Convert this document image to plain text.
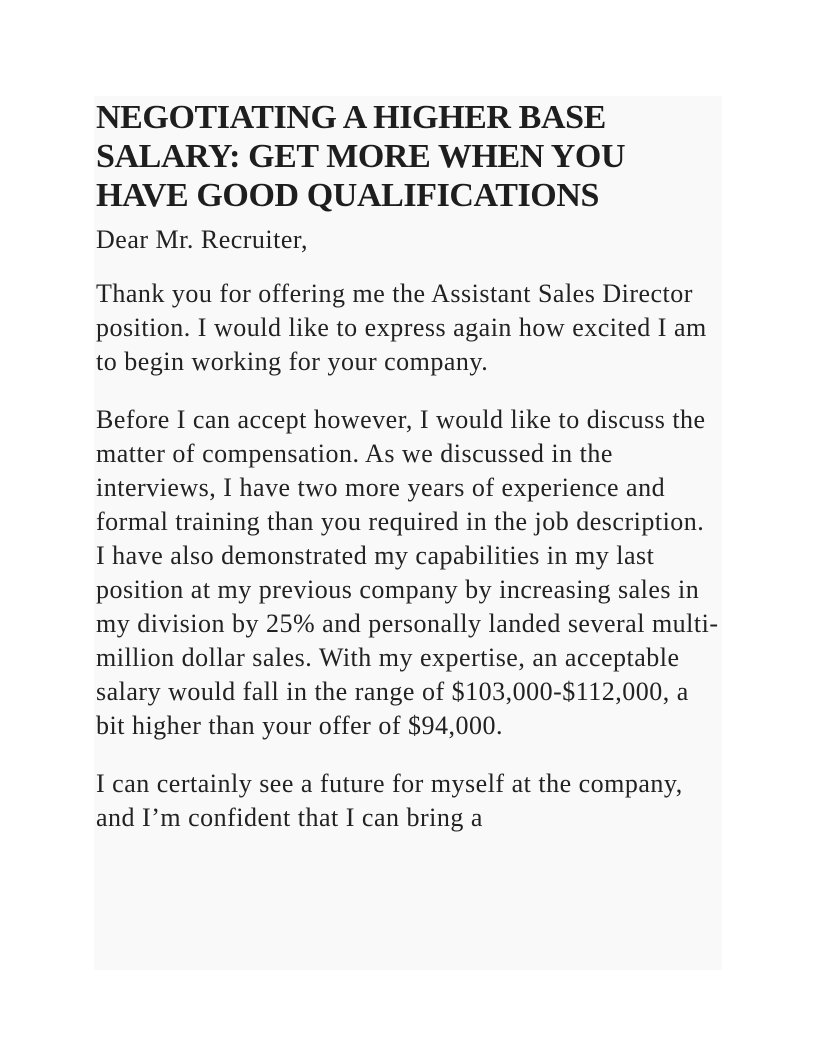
NEGOTIATING A HIGHER BASE SALARY: GET MORE WHEN YOU HAVE GOOD QUALIFICATIONS

Dear Mr. Recruiter,

Thank you for offering me the Assistant Sales Director position. I would like to express again how excited I am to begin working for your company.

Before I can accept however, I would like to discuss the matter of compensation. As we discussed in the interviews, I have two more years of experience and formal training than you required in the job description. I have also demonstrated my capabilities in my last position at my previous company by increasing sales in my division by 25% and personally landed several multi-million dollar sales. With my expertise, an acceptable salary would fall in the range of $103,000-$112,000, a bit higher than your offer of $94,000.

I can certainly see a future for myself at the company, and I’m confident that I can bring a
